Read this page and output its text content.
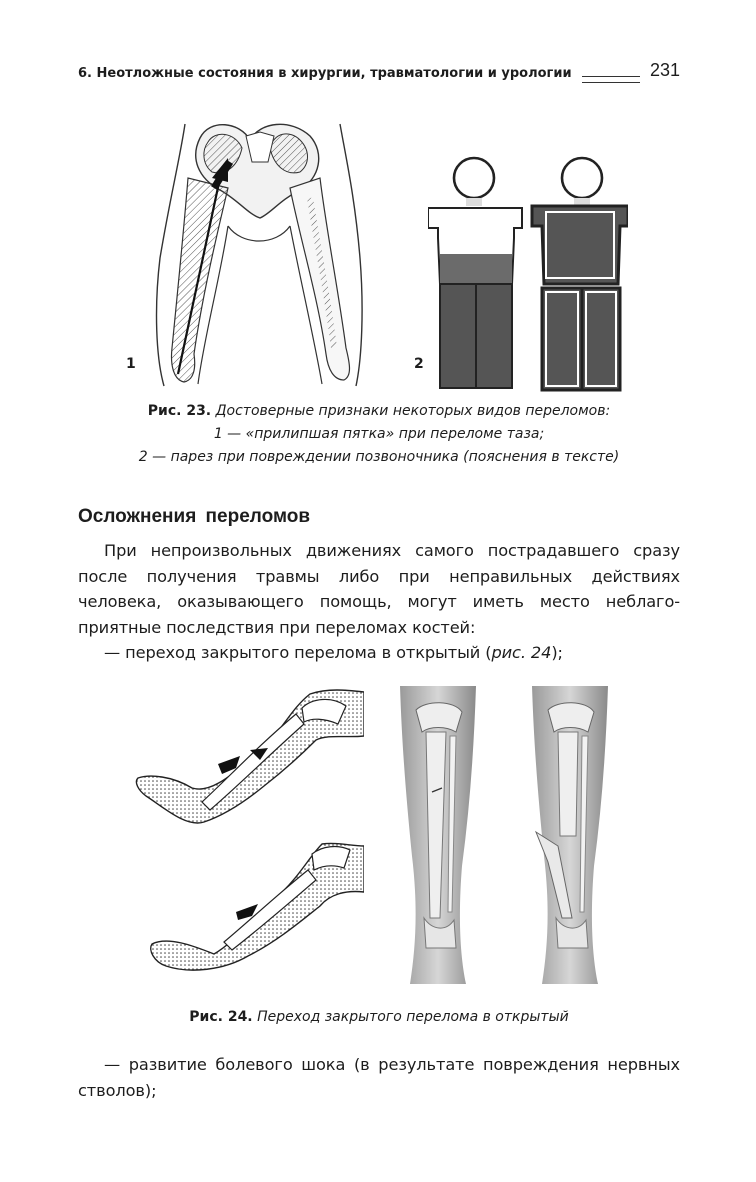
6. Неотложные состояния в хирургии, травматологии и урологии	231
1	2
Рис. 23. Достоверные признаки некоторых видов переломов:
1 — «прилипшая пятка» при переломе таза;
2 — парез при повреждении позвоночника (пояснения в тексте)
Осложнения переломов
При непроизвольных движениях самого пострадавшего сразу
после получения травмы либо при неправильных действиях
человека, оказывающего помощь, могут иметь место неблаго-
приятные последствия при переломах костей:
— переход закрытого перелома в открытый (рис. 24);
Рис. 24. Переход закрытого перелома в открытый
— развитие болевого шока (в результате повреждения нервных
стволов);
